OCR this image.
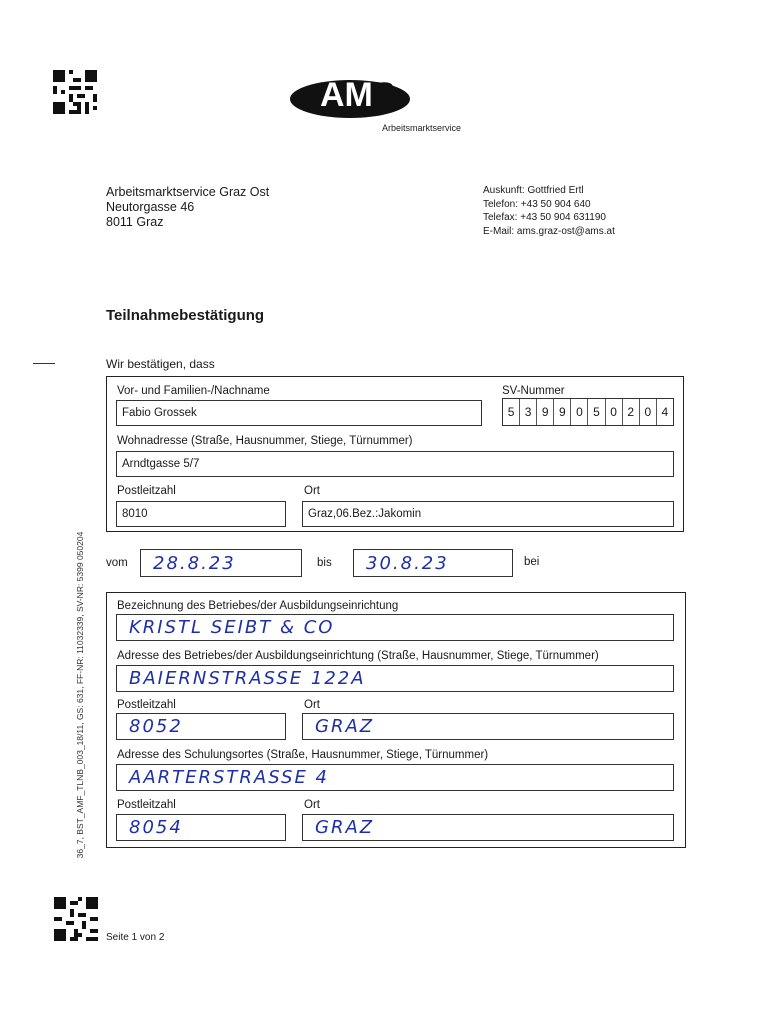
AMS
Arbeitsmarktservice
Arbeitsmarktservice Graz Ost
Neutorgasse 46
8011 Graz
Auskunft: Gottfried Ertl
Telefon: +43 50 904 640
Telefax: +43 50 904 631190
E-Mail: ams.graz-ost@ams.at
Teilnahmebestätigung
Wir bestätigen, dass
Vor- und Familien-/Nachname	SV-Nummer
Fabio Grossek	5 3 9 9 0 5 0 2 0 4
Wohnadresse (Straße, Hausnummer, Stiege, Türnummer)
Arndtgasse 5/7
Postleitzahl	Ort
8010	Graz,06.Bez.:Jakomin
vom	28.8.23	bis	30.8.23	bei
Bezeichnung des Betriebes/der Ausbildungseinrichtung
KRISTL SEIBT & CO
Adresse des Betriebes/der Ausbildungseinrichtung (Straße, Hausnummer, Stiege, Türnummer)
BAIERNSTRASSE 122A
Postleitzahl	Ort
8052	GRAZ
Adresse des Schulungsortes (Straße, Hausnummer, Stiege, Türnummer)
AARTERSTRASSE 4
Postleitzahl	Ort
8054	GRAZ
36_7, BST_AMF_TLNB_003_18/11, GS: 631, FF-NR: 11032339, SV-NR: 5399 050204
Seite 1 von 2
